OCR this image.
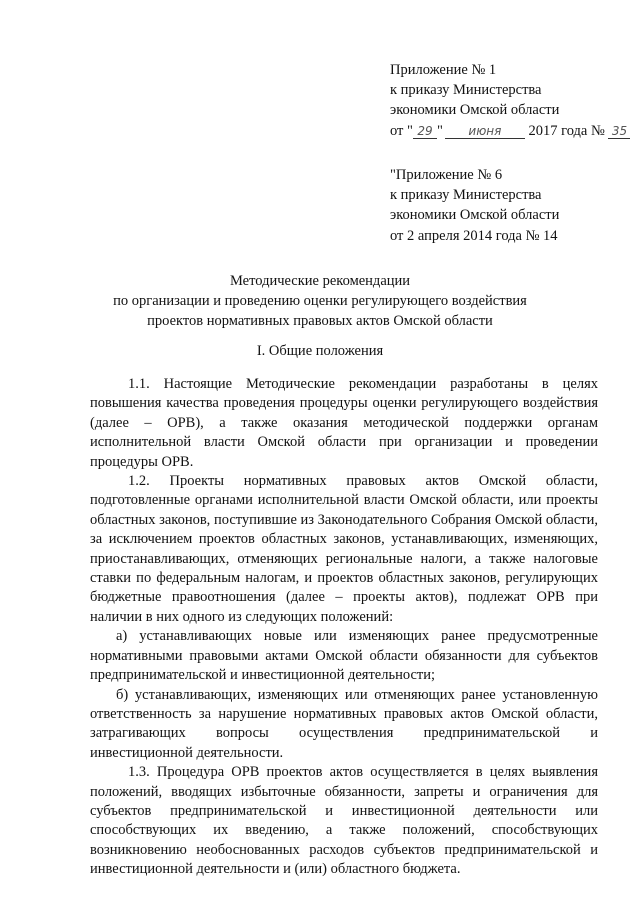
Приложение № 1
к приказу Министерства
экономики Омской области
от " 29 " июня 2017 года № 35
"Приложение № 6
к приказу Министерства
экономики Омской области
от 2 апреля 2014 года № 14
Методические рекомендации
по организации и проведению оценки регулирующего воздействия
проектов нормативных правовых актов Омской области
I. Общие положения

1.1. Настоящие Методические рекомендации разработаны в целях повышения качества проведения процедуры оценки регулирующего воздействия (далее – ОРВ), а также оказания методической поддержки органам исполнительной власти Омской области при организации и проведении процедуры ОРВ.

1.2. Проекты нормативных правовых актов Омской области, подготовленные органами исполнительной власти Омской области, или проекты областных законов, поступившие из Законодательного Собрания Омской области, за исключением проектов областных законов, устанавливающих, изменяющих, приостанавливающих, отменяющих региональные налоги, а также налоговые ставки по федеральным налогам, и проектов областных законов, регулирующих бюджетные правоотношения (далее – проекты актов), подлежат ОРВ при наличии в них одного из следующих положений:

а) устанавливающих новые или изменяющих ранее предусмотренные нормативными правовыми актами Омской области обязанности для субъектов предпринимательской и инвестиционной деятельности;

б) устанавливающих, изменяющих или отменяющих ранее установленную ответственность за нарушение нормативных правовых актов Омской области, затрагивающих вопросы осуществления предпринимательской и инвестиционной деятельности.

1.3. Процедура ОРВ проектов актов осуществляется в целях выявления положений, вводящих избыточные обязанности, запреты и ограничения для субъектов предпринимательской и инвестиционной деятельности или способствующих их введению, а также положений, способствующих возникновению необоснованных расходов субъектов предпринимательской и инвестиционной деятельности и (или) областного бюджета.
